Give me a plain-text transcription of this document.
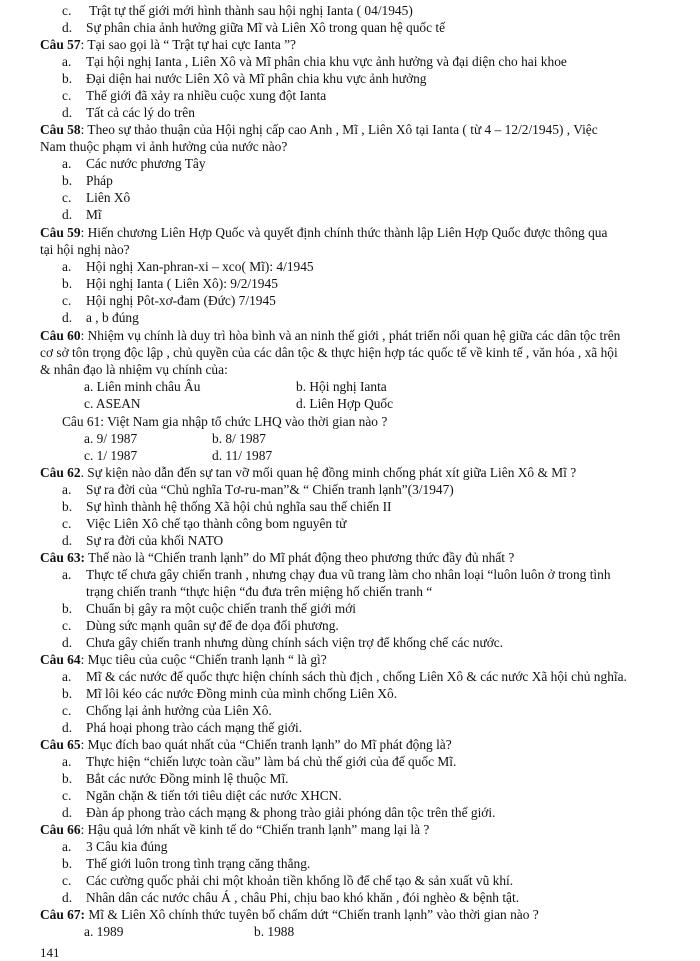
c. Trật tự thế giới mới hình thành sau hội nghị Ianta ( 04/1945)
d. Sự phân chia ảnh hưởng giữa Mĩ và Liên Xô trong quan hệ quốc tế
Câu 57: Tại sao gọi là “ Trật tự hai cực Ianta ”?
a. Tại hội nghị Ianta , Liên Xô và Mĩ phân chia khu vực ảnh hưởng và đại diện cho hai khoe
b. Đại diện hai nước Liên Xô và Mĩ phân chia khu vực ảnh hưởng
c. Thế giới đã xảy ra nhiều cuộc xung đột Ianta
d. Tất cả các lý do trên
Câu 58: Theo sự thảo thuận của Hội nghị cấp cao Anh , Mĩ , Liên Xô tại Ianta ( từ 4 – 12/2/1945) , Việc
Nam thuộc phạm vi ảnh hưởng của nước nào?
a. Các nước phương Tây
b. Pháp
c. Liên Xô
d. Mĩ
Câu 59: Hiến chương Liên Hợp Quốc và quyết định chính thức thành lập Liên Hợp Quốc được thông qua
tại hội nghị nào?
a. Hội nghị Xan-phran-xi – xco( Mĩ): 4/1945
b. Hội nghị Ianta ( Liên Xô): 9/2/1945
c. Hội nghị Pôt-xơ-đam (Đức) 7/1945
d. a , b đúng
Câu 60: Nhiệm vụ chính là duy trì hòa bình và an ninh thế giới , phát triển nối quan hệ giữa các dân tộc trên
cơ sở tôn trọng độc lập , chủ quyền của các dân tộc & thực hiện hợp tác quốc tế về kinh tế , văn hóa , xã hội
& nhân đạo là nhiệm vụ chính của:
a. Liên minh châu Âu	b. Hội nghị Ianta
c. ASEAN	d. Liên Hợp Quốc
Câu 61: Việt Nam gia nhập tổ chức LHQ vào thời gian nào ?
a. 9/ 1987	b. 8/ 1987
c. 1/ 1987	d. 11/ 1987
Câu 62. Sự kiện nào dẫn đến sự tan vỡ mối quan hệ đồng minh chống phát xít giữa Liên Xô & Mĩ ?
a. Sự ra đời của “Chủ nghĩa Tơ-ru-man”& “ Chiến tranh lạnh”(3/1947)
b. Sự hình thành hệ thống Xã hội chủ nghĩa sau thế chiến II
c. Việc Liên Xô chế tạo thành công bom nguyên tử
d. Sự ra đời của khối NATO
Câu 63: Thế nào là “Chiến tranh lạnh” do Mĩ phát động theo phương thức đầy đủ nhất ?
a. Thực tế chưa gây chiến tranh , nhưng chạy đua vũ trang làm cho nhân loại “luôn luôn ở trong tình
trạng chiến tranh “thực hiện “đu đưa trên miệng hố chiến tranh “
b. Chuẩn bị gây ra một cuộc chiến tranh thế giới mới
c. Dùng sức mạnh quân sự để đe dọa đối phương.
d. Chưa gây chiến tranh nhưng dùng chính sách viện trợ để khống chế các nước.
Câu 64: Mục tiêu của cuộc “Chiến tranh lạnh “ là gì?
a. Mĩ & các nước đế quốc thực hiện chính sách thù địch , chống Liên Xô & các nước Xã hội chủ nghĩa.
b. Mĩ lôi kéo các nước Đồng minh của mình chống Liên Xô.
c. Chống lại ảnh hưởng của Liên Xô.
d. Phá hoại phong trào cách mạng thế giới.
Câu 65: Mục đích bao quát nhất của “Chiến tranh lạnh” do Mĩ phát động là?
a. Thực hiện “chiến lược toàn cầu” làm bá chủ thế giới của đế quốc Mĩ.
b. Bắt các nước Đồng minh lệ thuộc Mĩ.
c. Ngăn chặn & tiến tới tiêu diệt các nước XHCN.
d. Đàn áp phong trào cách mạng & phong trào giải phóng dân tộc trên thế giới.
Câu 66: Hậu quả lớn nhất về kinh tế do “Chiến tranh lạnh” mang lại là ?
a. 3 Câu kia đúng
b. Thế giới luôn trong tình trạng căng thẳng.
c. Các cường quốc phải chi một khoản tiền khổng lồ để chế tạo & sản xuất vũ khí.
d. Nhân dân các nước châu Á , châu Phi, chịu bao khó khăn , đói nghèo & bệnh tật.
Câu 67: Mĩ & Liên Xô chính thức tuyên bố chấm dứt “Chiến tranh lạnh” vào thời gian nào ?
a. 1989	b. 1988
141
